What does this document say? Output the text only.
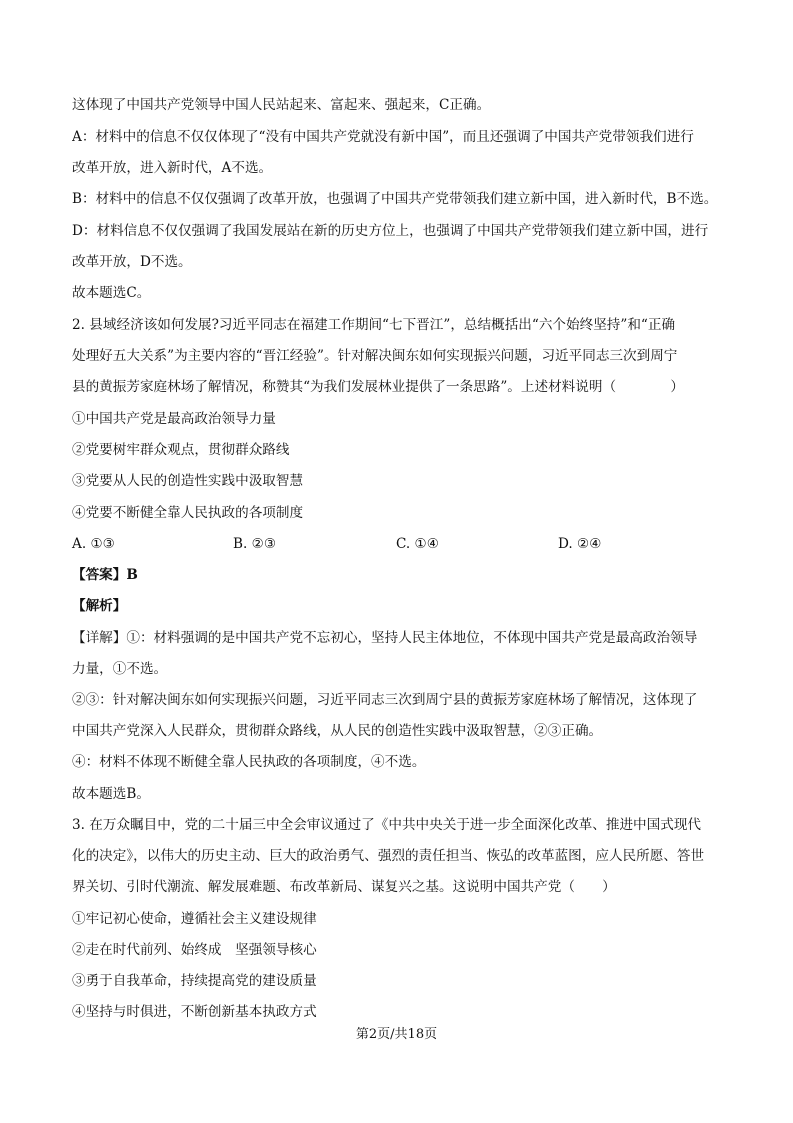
这体现了中国共产党领导中国人民站起来、富起来、强起来，C正确。
A：材料中的信息不仅仅体现了“没有中国共产党就没有新中国”，而且还强调了中国共产党带领我们进行
改革开放，进入新时代，A不选。
B：材料中的信息不仅仅强调了改革开放，也强调了中国共产党带领我们建立新中国，进入新时代，B不选。
D：材料信息不仅仅强调了我国发展站在新的历史方位上，也强调了中国共产党带领我们建立新中国，进行
改革开放，D不选。
故本题选C。
2. 县域经济该如何发展?习近平同志在福建工作期间“七下晋江”，总结概括出“六个始终坚持”和“正确
处理好五大关系”为主要内容的“晋江经验”。针对解决闽东如何实现振兴问题，习近平同志三次到周宁
县的黄振芳家庭林场了解情况，称赞其“为我们发展林业提供了一条思路”。上述材料说明（　　　　）
①中国共产党是最高政治领导力量
②党要树牢群众观点，贯彻群众路线
③党要从人民的创造性实践中汲取智慧
④党要不断健全靠人民执政的各项制度
A. ①③	B. ②③	C. ①④	D. ②④
【答案】B
【解析】
【详解】①：材料强调的是中国共产党不忘初心，坚持人民主体地位，不体现中国共产党是最高政治领导
力量，①不选。
②③：针对解决闽东如何实现振兴问题，习近平同志三次到周宁县的黄振芳家庭林场了解情况，这体现了
中国共产党深入人民群众，贯彻群众路线，从人民的创造性实践中汲取智慧，②③正确。
④：材料不体现不断健全靠人民执政的各项制度，④不选。
故本题选B。
3. 在万众瞩目中，党的二十届三中全会审议通过了《中共中央关于进一步全面深化改革、推进中国式现代
化的决定》，以伟大的历史主动、巨大的政治勇气、强烈的责任担当、恢弘的改革蓝图，应人民所愿、答世
界关切、引时代潮流、解发展难题、布改革新局、谋复兴之基。这说明中国共产党（　　）
①牢记初心使命，遵循社会主义建设规律
②走在时代前列、始终成　坚强领导核心
③勇于自我革命，持续提高党的建设质量
④坚持与时俱进，不断创新基本执政方式
第2页/共18页
